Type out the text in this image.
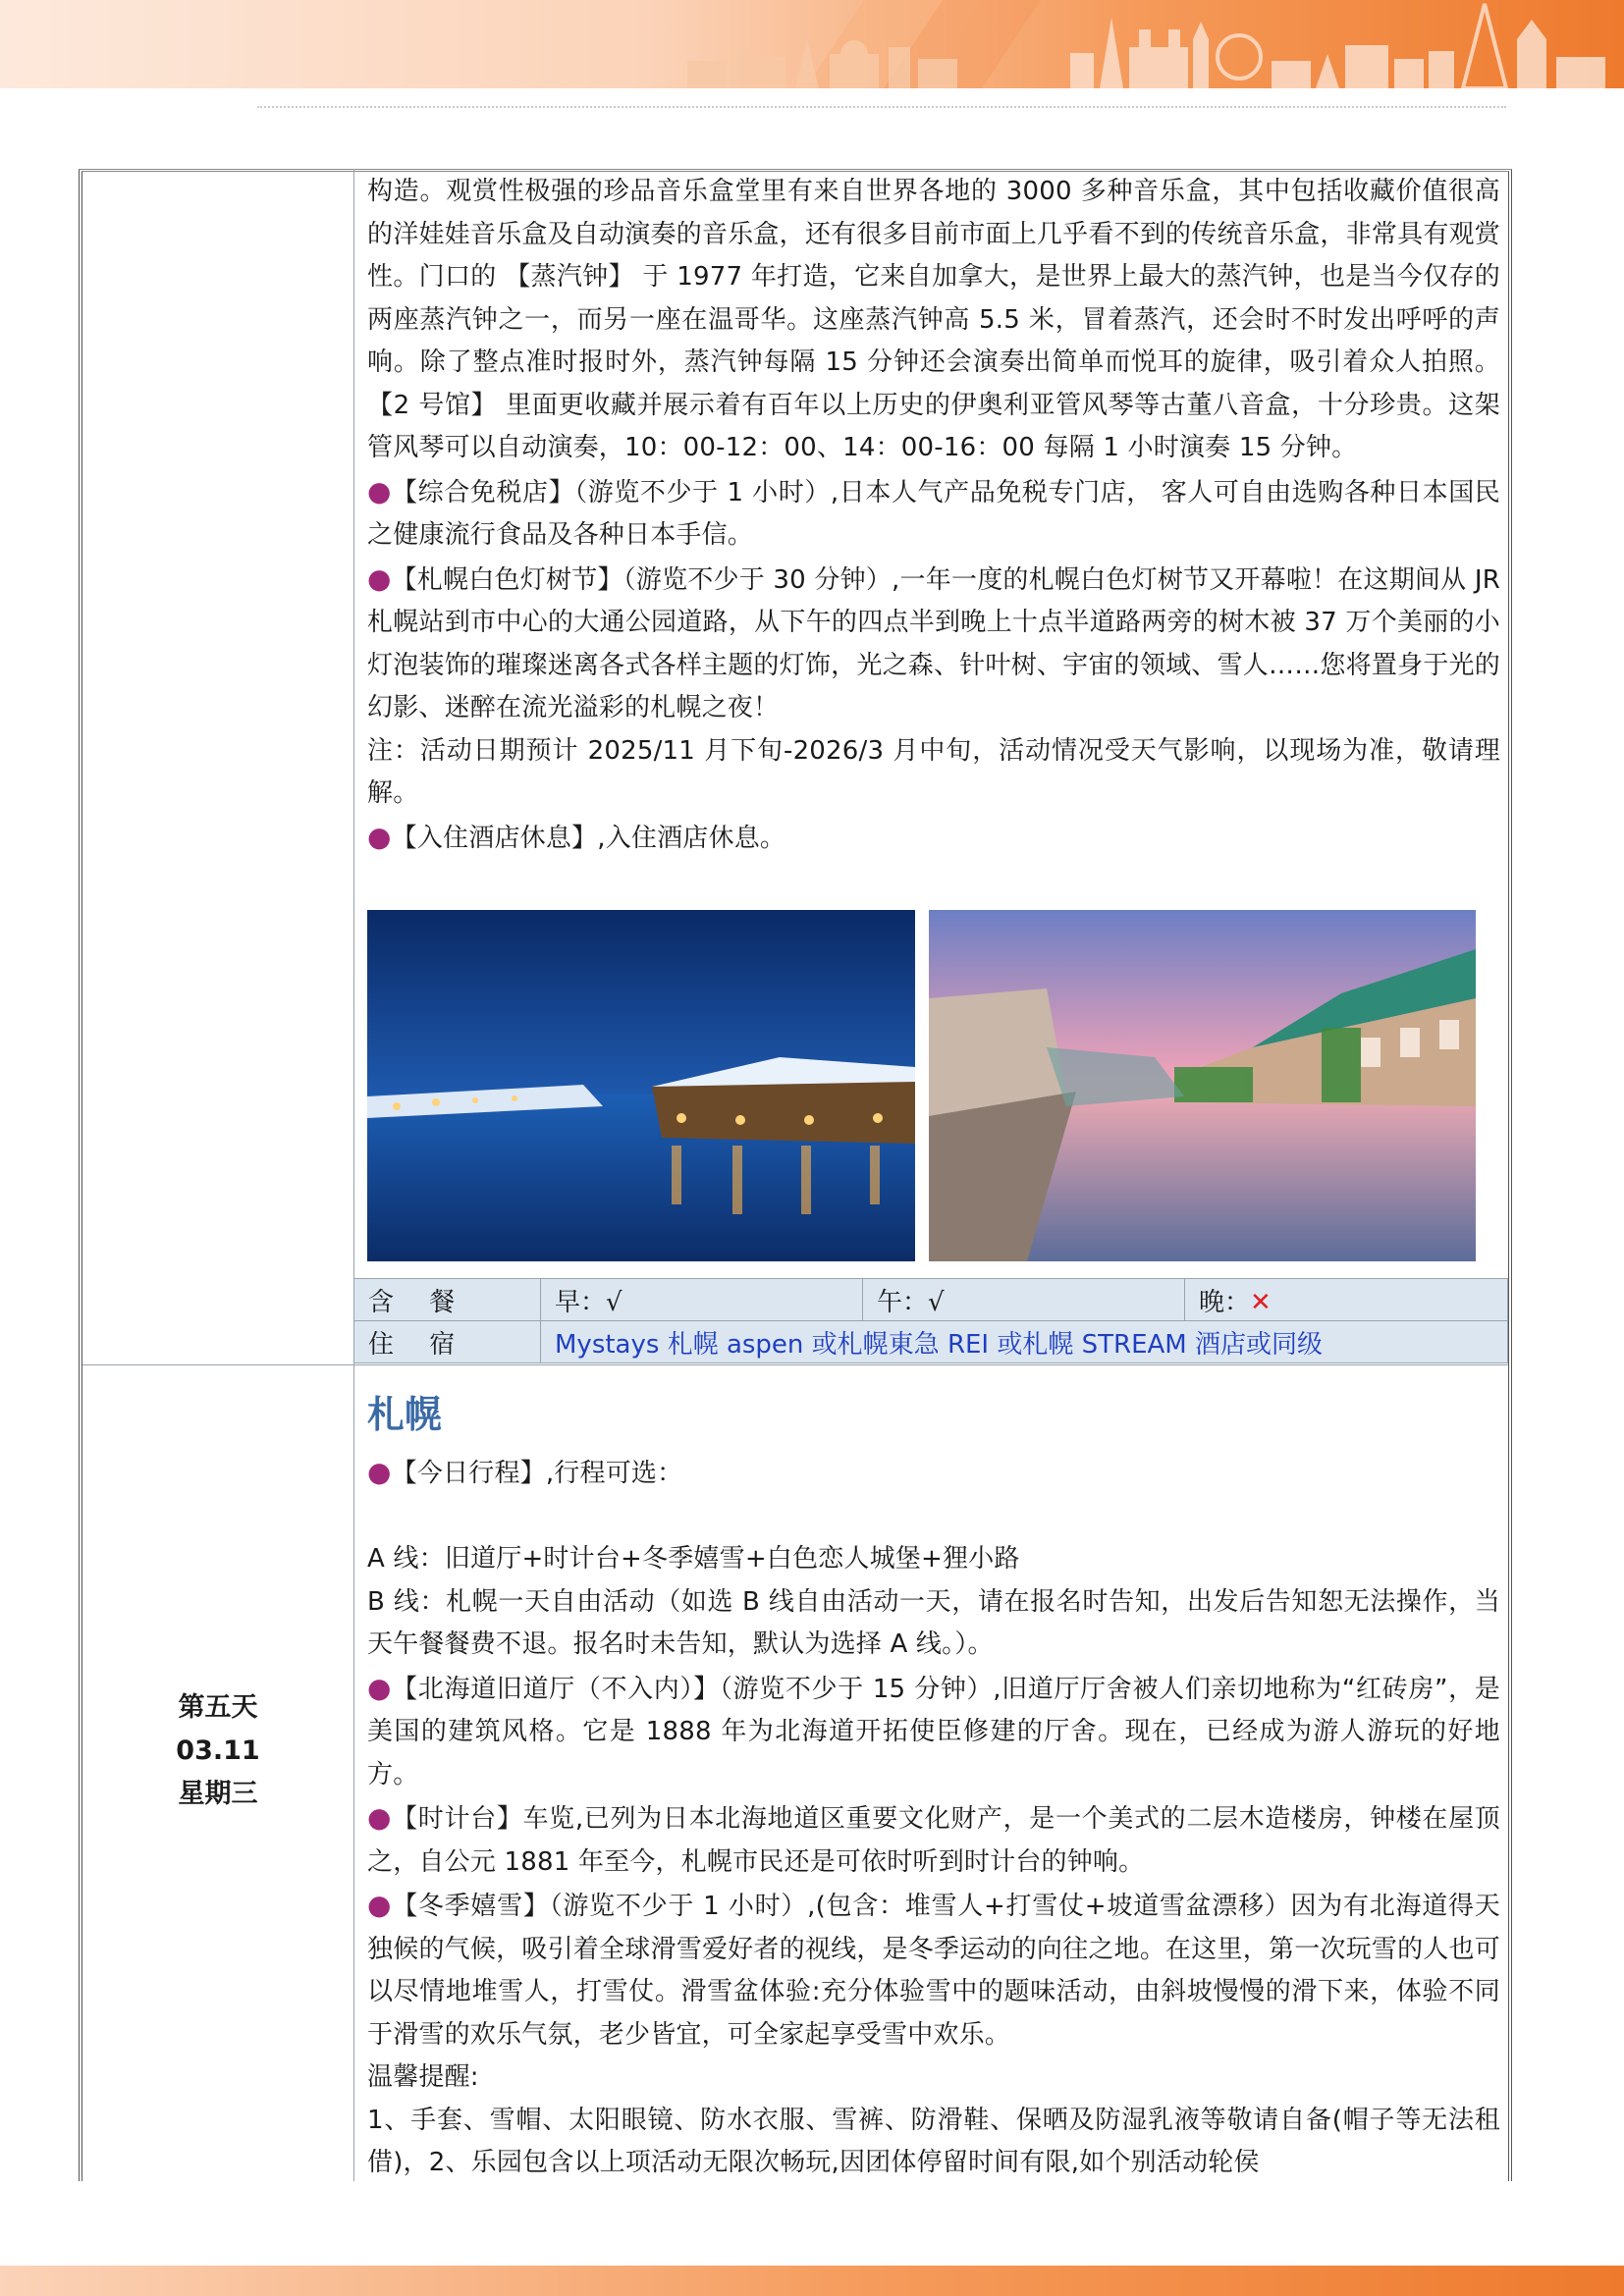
构造。观赏性极强的珍品音乐盒堂里有来自世界各地的 3000 多种音乐盒，其中包括收藏价值很高的洋娃娃音乐盒及自动演奏的音乐盒，还有很多目前市面上几乎看不到的传统音乐盒，非常具有观赏性。门口的 【蒸汽钟】 于 1977 年打造，它来自加拿大，是世界上最大的蒸汽钟，也是当今仅存的两座蒸汽钟之一，而另一座在温哥华。这座蒸汽钟高 5.5 米，冒着蒸汽，还会时不时发出呼呼的声响。除了整点准时报时外，蒸汽钟每隔 15 分钟还会演奏出简单而悦耳的旋律，吸引着众人拍照。 【2 号馆】 里面更收藏并展示着有百年以上历史的伊奥利亚管风琴等古董八音盒，十分珍贵。这架管风琴可以自动演奏，10：00-12：00、14：00-16：00 每隔 1 小时演奏 15 分钟。

●【综合免税店】（游览不少于 1 小时）,日本人气产品免税专门店， 客人可自由选购各种日本国民之健康流行食品及各种日本手信。

●【札幌白色灯树节】（游览不少于 30 分钟）,一年一度的札幌白色灯树节又开幕啦！在这期间从 JR 札幌站到市中心的大通公园道路，从下午的四点半到晚上十点半道路两旁的树木被 37 万个美丽的小灯泡装饰的璀璨迷离各式各样主题的灯饰，光之森、针叶树、宇宙的领域、雪人……您将置身于光的幻影、迷醉在流光溢彩的札幌之夜！

注：活动日期预计 2025/11 月下旬-2026/3 月中旬，活动情况受天气影响，以现场为准，敬请理解。

●【入住酒店休息】,入住酒店休息。

含 餐	早：√	午：√	晚：✕
住 宿	Mystays 札幌 aspen 或札幌東急 REI 或札幌 STREAM 酒店或同级		
第五天
03.11
星期三
札幌

●【今日行程】,行程可选：

A 线：旧道厅+时计台+冬季嬉雪+白色恋人城堡+狸小路

B 线：札幌一天自由活动（如选 B 线自由活动一天，请在报名时告知，出发后告知恕无法操作，当天午餐餐费不退。报名时未告知，默认为选择 A 线。）。

●【北海道旧道厅（不入内）】（游览不少于 15 分钟）,旧道厅厅舍被人们亲切地称为“红砖房”，是美国的建筑风格。它是 1888 年为北海道开拓使臣修建的厅舍。现在，已经成为游人游玩的好地方。

●【时计台】车览,已列为日本北海地道区重要文化财产，是一个美式的二层木造楼房，钟楼在屋顶之，自公元 1881 年至今，札幌市民还是可依时听到时计台的钟响。

●【冬季嬉雪】（游览不少于 1 小时）,(包含：堆雪人+打雪仗+坡道雪盆漂移）因为有北海道得天独候的气候，吸引着全球滑雪爱好者的视线，是冬季运动的向往之地。在这里，第一次玩雪的人也可以尽情地堆雪人，打雪仗。滑雪盆体验:充分体验雪中的题味活动，由斜坡慢慢的滑下来，体验不同于滑雪的欢乐气氛，老少皆宜，可全家起享受雪中欢乐。

温馨提醒:

1、手套、雪帽、太阳眼镜、防水衣服、雪裤、防滑鞋、保晒及防湿乳液等敬请自备(帽子等无法租借)，2、乐园包含以上项活动无限次畅玩,因团体停留时间有限,如个别活动轮侯
